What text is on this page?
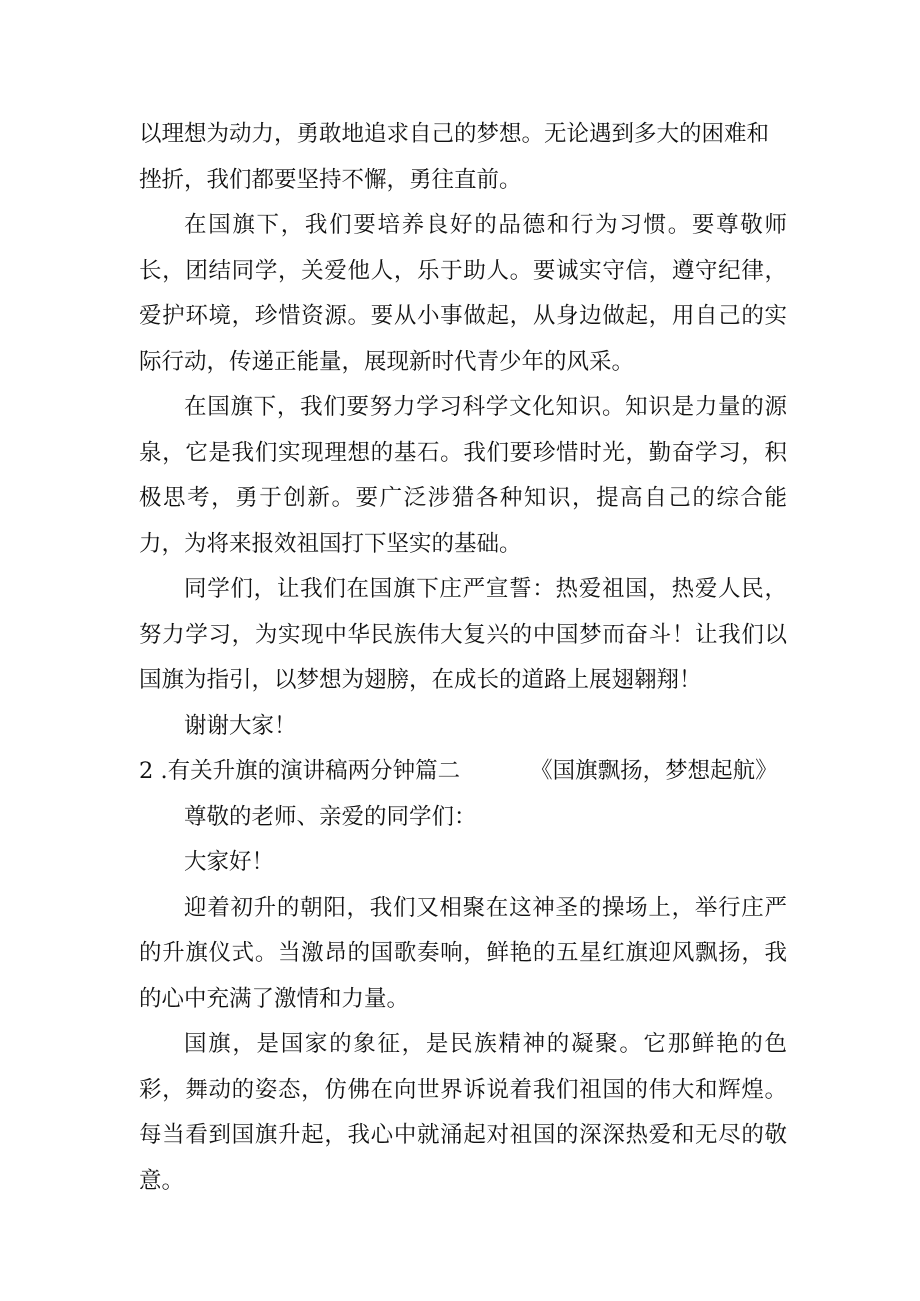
以理想为动力，勇敢地追求自己的梦想。无论遇到多大的困难和挫折，我们都要坚持不懈，勇往直前。

在国旗下，我们要培养良好的品德和行为习惯。要尊敬师长，团结同学，关爱他人，乐于助人。要诚实守信，遵守纪律，爱护环境，珍惜资源。要从小事做起，从身边做起，用自己的实际行动，传递正能量，展现新时代青少年的风采。

在国旗下，我们要努力学习科学文化知识。知识是力量的源泉，它是我们实现理想的基石。我们要珍惜时光，勤奋学习，积极思考，勇于创新。要广泛涉猎各种知识，提高自己的综合能力，为将来报效祖国打下坚实的基础。

同学们，让我们在国旗下庄严宣誓：热爱祖国，热爱人民，努力学习，为实现中华民族伟大复兴的中国梦而奋斗！让我们以国旗为指引，以梦想为翅膀，在成长的道路上展翅翱翔！

谢谢大家！

2 .有关升旗的演讲稿两分钟篇二	《国旗飘扬，梦想起航》

尊敬的老师、亲爱的同学们：

大家好！

迎着初升的朝阳，我们又相聚在这神圣的操场上，举行庄严的升旗仪式。当激昂的国歌奏响，鲜艳的五星红旗迎风飘扬，我的心中充满了激情和力量。

国旗，是国家的象征，是民族精神的凝聚。它那鲜艳的色彩，舞动的姿态，仿佛在向世界诉说着我们祖国的伟大和辉煌。每当看到国旗升起，我心中就涌起对祖国的深深热爱和无尽的敬意。
